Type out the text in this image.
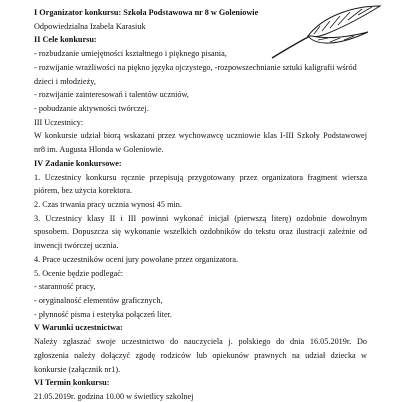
I Organizator konkursu: Szkoła Podstawowa nr 8 w Goleniowie
Odpowiedzialna Izabela Karasiuk
II Cele konkursu:
- rozbudzanie umiejętności kształtnego i pięknego pisania,
- rozwijanie wrażliwości na piękno języka ojczystego, -rozpowszechnianie sztuki kaligrafii wśród
dzieci i młodzieży,
- rozwijanie zainteresowań i talentów uczniów,
- pobudzanie aktywności twórczej.
III Uczestnicy:
W konkursie udział biorą wskazani przez wychowawcę uczniowie klas I-III Szkoły Podstawowej
nr8 im. Augusta Hlonda w Goleniowie.
IV Zadanie konkursowe:
1. Uczestnicy konkursu ręcznie przepisują przygotowany przez organizatora fragment wiersza
piórem, bez użycia korektora.
2. Czas trwania pracy ucznia wynosi 45 min.
3. Uczestnicy klasy II i III powinni wykonać inicjał (pierwszą literę) ozdobnie dowolnym
sposobem. Dopuszcza się wykonanie wszelkich ozdobników do tekstu oraz ilustracji zależnie od
inwencji twórczej ucznia.
4. Prace uczestników oceni jury powołane przez organizatora.
5. Ocenie będzie podlegać:
- staranność pracy,
- oryginalność elementów graficznych,
- płynność pisma i estetyka połączeń liter.
V Warunki uczestnictwa:
Należy zgłaszać swoje uczestnictwo do nauczyciela j. polskiego do dnia 16.05.2019r. Do
zgłoszenia należy dołączyć zgodę rodziców lub opiekunów prawnych na udział dziecka w
konkursie (załącznik nr1).
VI Termin konkursu:
21.05.2019r. godzina 10.00 w świetlicy szkolnej
